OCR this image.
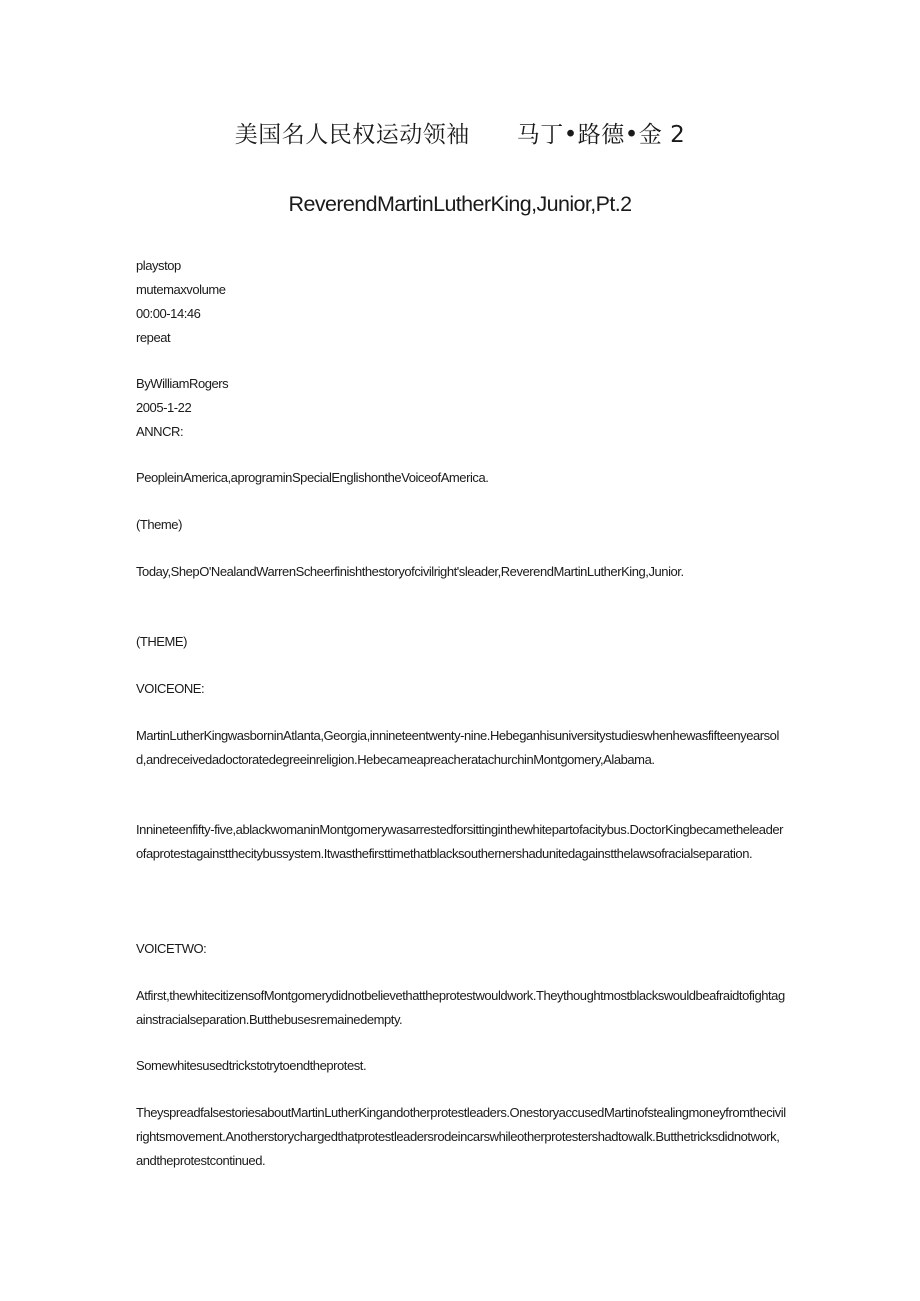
美国名人民权运动领袖　　马丁•路德•金 2
ReverendMartinLutherKing,Junior,Pt.2
playstop
mutemaxvolume
00:00-14:46
repeat
ByWilliamRogers
2005-1-22
ANNCR:
PeopleinAmerica,aprograminSpecialEnglishontheVoiceofAmerica.
(Theme)
Today,ShepO'NealandWarrenScheerfinishthestoryofcivilright'sleader,ReverendMartinLutherKing,Junior.
(THEME)
VOICEONE:
MartinLutherKingwasborninAtlanta,Georgia,innineteentwenty-nine.Hebeganhisuniversitystudieswhenhewasfifteenyearsold,andreceivedadoctoratedegreeinreligion.HebecameapreacheratachurchinMontgomery,Alabama.
Innineteenfifty-five,ablackwomaninMontgomerywasarrestedforsittinginthewhitepartofacitybus.DoctorKingbecametheleaderofaprotestagainstthecitybussystem.Itwasthefirsttimethatblacksouthernershadunitedagainstthelawsofracialseparation.
VOICETWO:
Atfirst,thewhitecitizensofMontgomerydidnotbelievethattheprotestwouldwork.Theythoughtmostblackswouldbeafraidtofightagainstracialseparation.Butthebusesremainedempty.
Somewhitesusedtrickstotrytoendtheprotest.
TheyspreadfalsestoriesaboutMartinLutherKingandotherprotestleaders.OnestoryaccusedMartinofstealingmoneyfromthecivilrightsmovement.Anotherstorychargedthatprotestleadersrodeincarswhileotherprotestershadtowalk.Butthetricksdidnotwork,andtheprotestcontinued.
